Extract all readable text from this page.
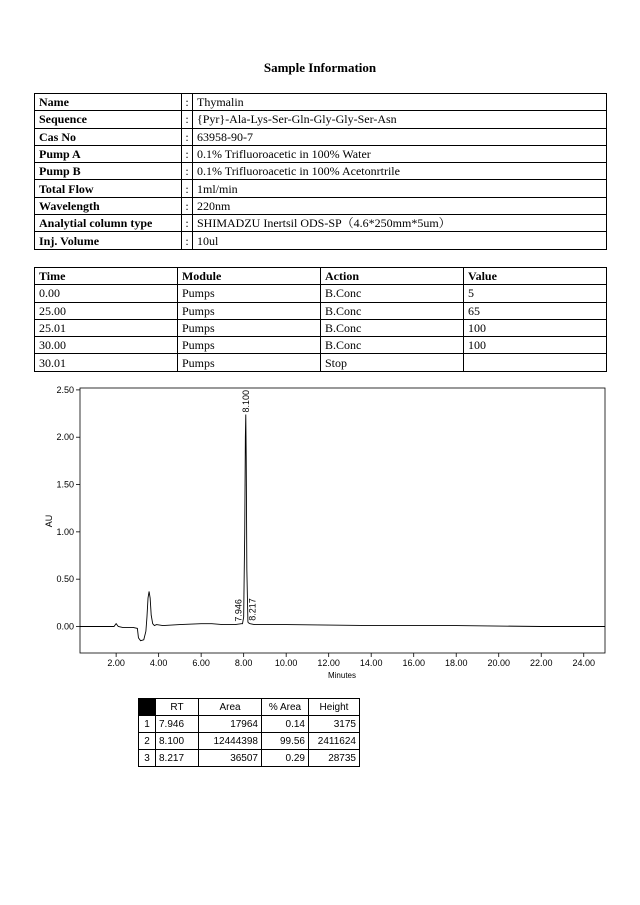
Sample Information
Name	:	Thymalin
Sequence	:	{Pyr}-Ala-Lys-Ser-Gln-Gly-Gly-Ser-Asn
Cas No	:	63958-90-7
Pump A	:	0.1% Trifluoroacetic in 100% Water
Pump B	:	0.1% Trifluoroacetic in 100% Acetonrtrile
Total Flow	:	1ml/min
Wavelength	:	220nm
Analytial column type	:	SHIMADZU Inertsil ODS-SP（4.6*250mm*5um）
Inj. Volume	:	10ul
Time	Module	Action	Value
0.00	Pumps	B.Conc	5
25.00	Pumps	B.Conc	65
25.01	Pumps	B.Conc	100
30.00	Pumps	B.Conc	100
30.01	Pumps	Stop	
0.00
0.50
1.00
1.50
2.00
2.50
2.00	4.00	6.00	8.00 10.00 12.00 14.00 16.00 18.00 20.00 22.00 24.00
8.100
7.946 8.217
AU
Minutes
	RT	Area	% Area	Height
1	7.946	17964	0.14	3175
2	8.100	12444398	99.56	2411624
3	8.217	36507	0.29	28735
